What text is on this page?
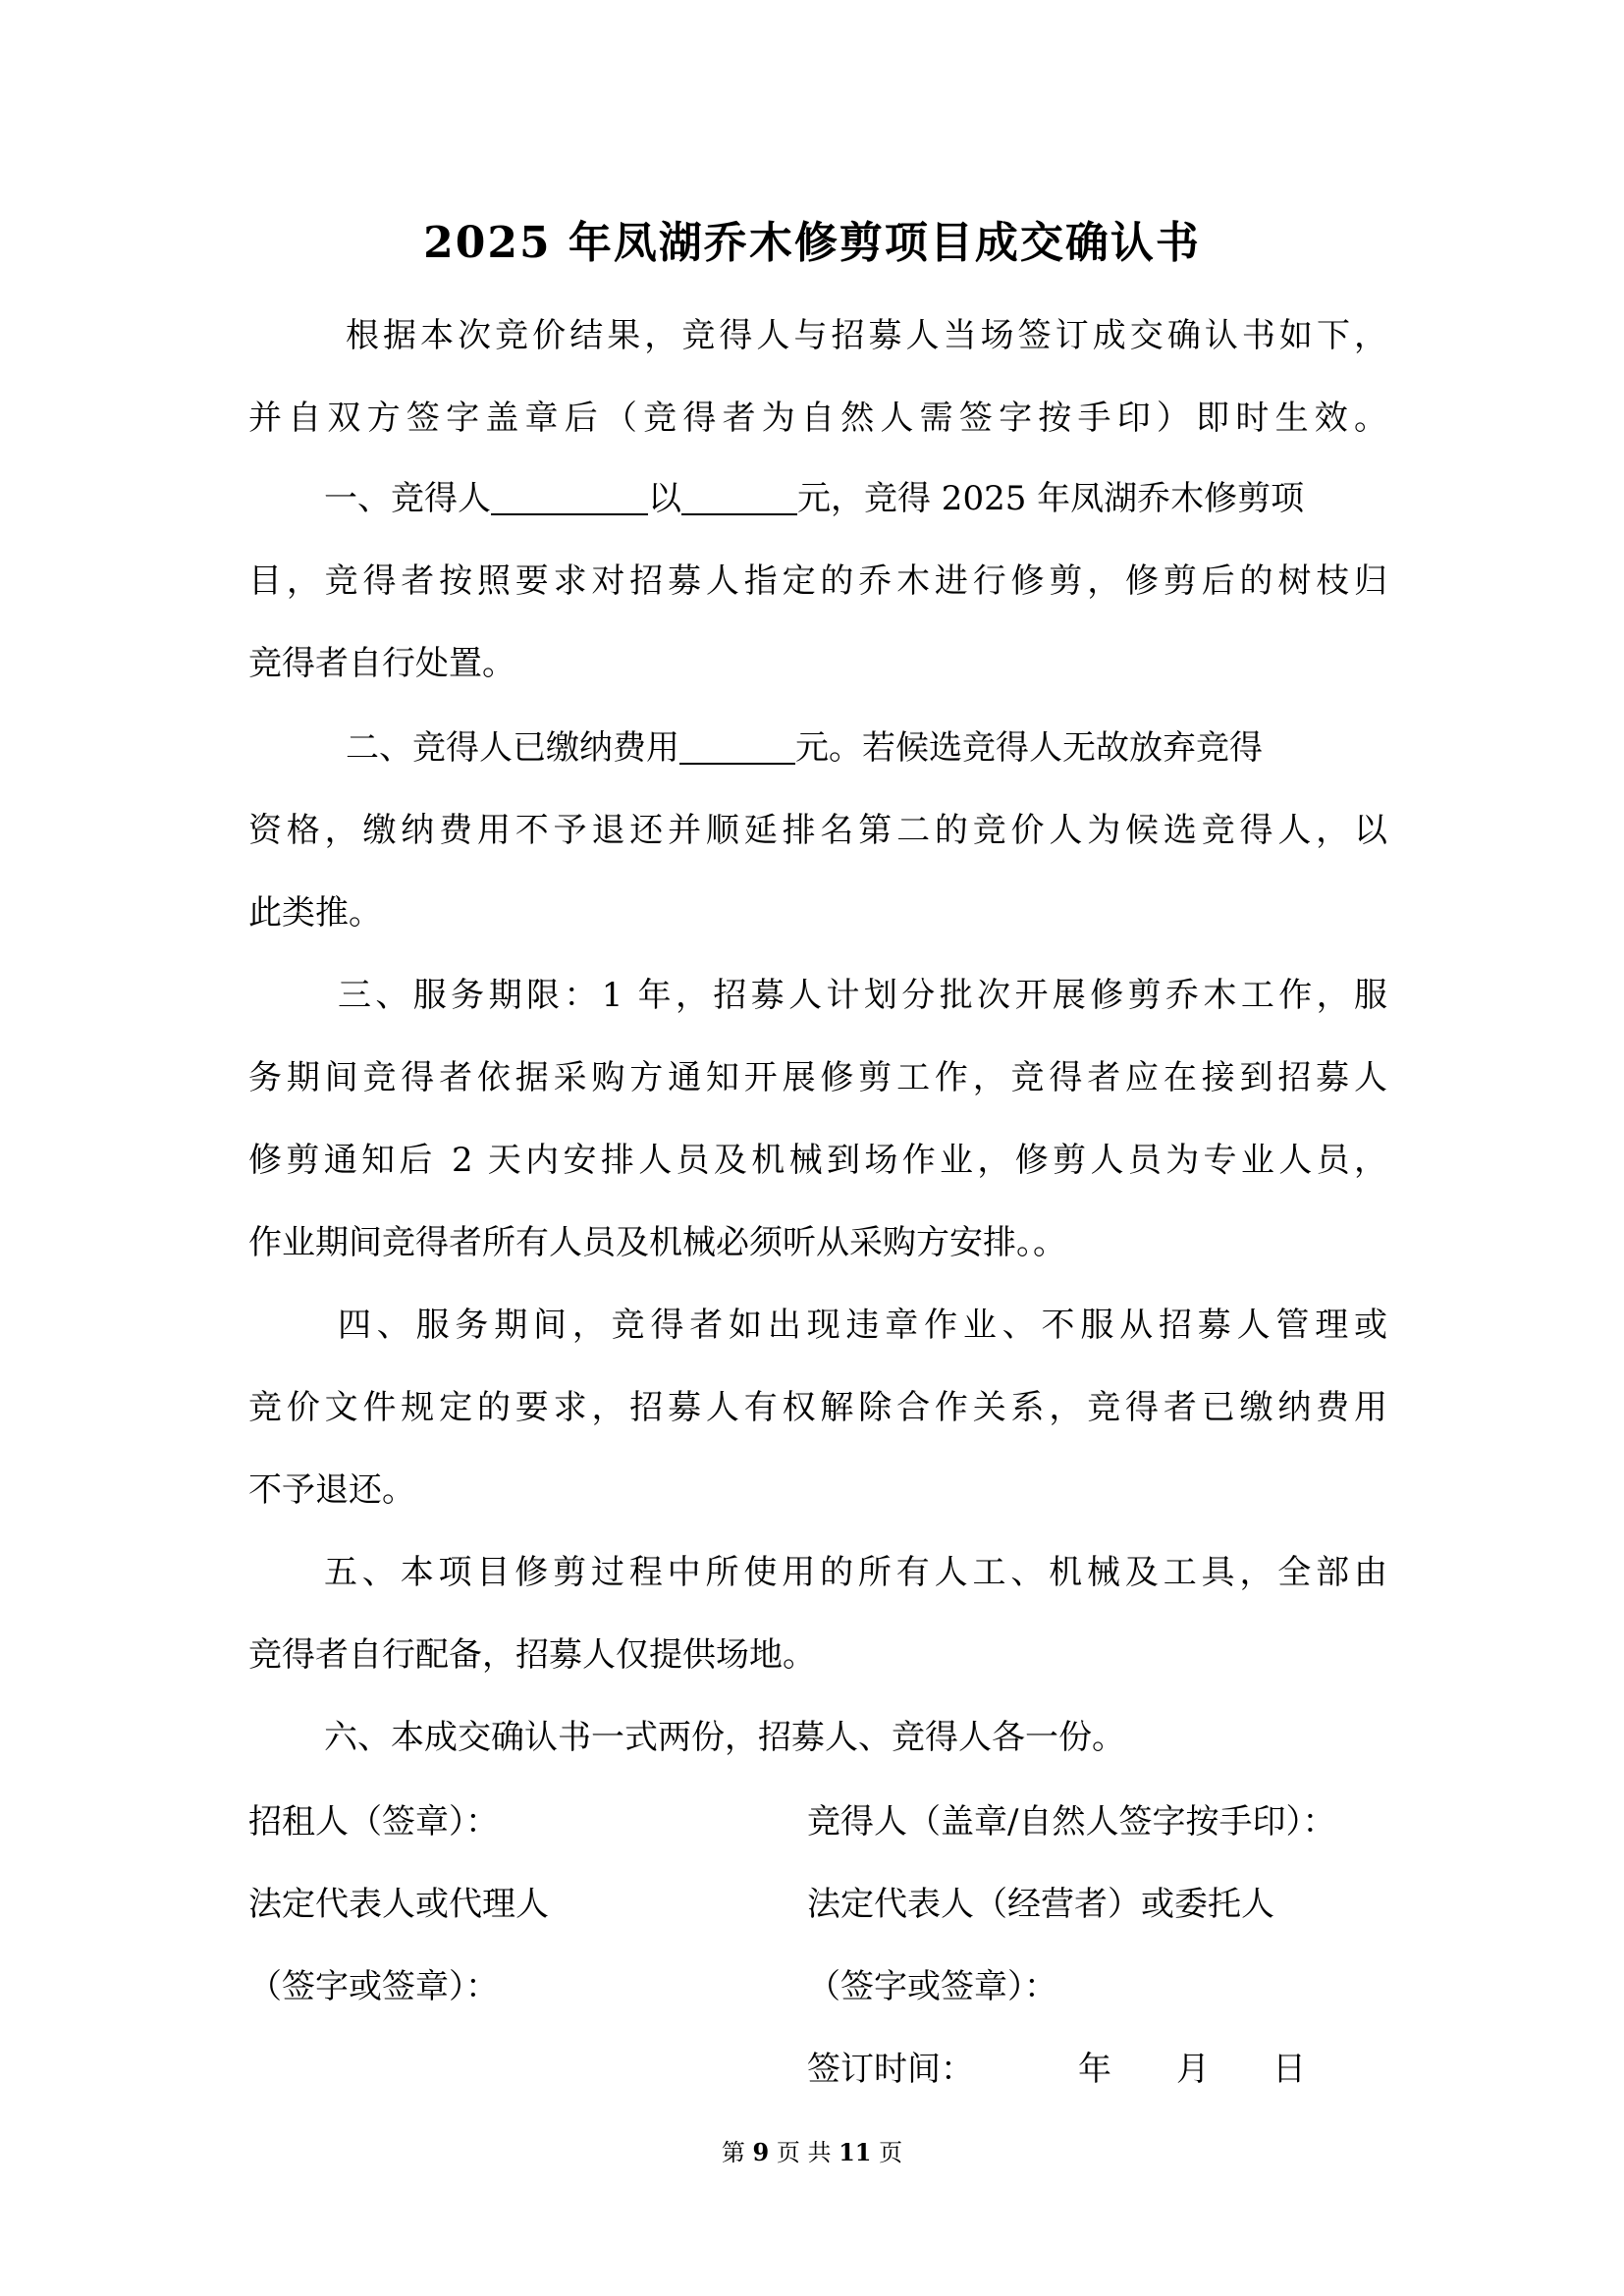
2025 年凤湖乔木修剪项目成交确认书
根据本次竞价结果，竞得人与招募人当场签订成交确认书如下，
并自双方签字盖章后（竞得者为自然人需签字按手印）即时生效。
一、竞得人	以	元，竞得 2025 年凤湖乔木修剪项
目，竞得者按照要求对招募人指定的乔木进行修剪，修剪后的树枝归
竞得者自行处置。
二、竞得人已缴纳费用	元。若候选竞得人无故放弃竞得
资格，缴纳费用不予退还并顺延排名第二的竞价人为候选竞得人，以
此类推。
三、服务期限：1 年，招募人计划分批次开展修剪乔木工作，服
务期间竞得者依据采购方通知开展修剪工作，竞得者应在接到招募人
修剪通知后 2 天内安排人员及机械到场作业，修剪人员为专业人员，
作业期间竞得者所有人员及机械必须听从采购方安排。。
四、服务期间，竞得者如出现违章作业、不服从招募人管理或
竞价文件规定的要求，招募人有权解除合作关系，竞得者已缴纳费用
不予退还。
五、本项目修剪过程中所使用的所有人工、机械及工具，全部由
竞得者自行配备，招募人仅提供场地。
六、本成交确认书一式两份，招募人、竞得人各一份。
招租人（签章）：
法定代表人或代理人
（签字或签章）：
竞得人（盖章/自然人签字按手印）：
法定代表人（经营者）或委托人
（签字或签章）：
签订时间：	年 月 日
第 9 页 共 11 页
